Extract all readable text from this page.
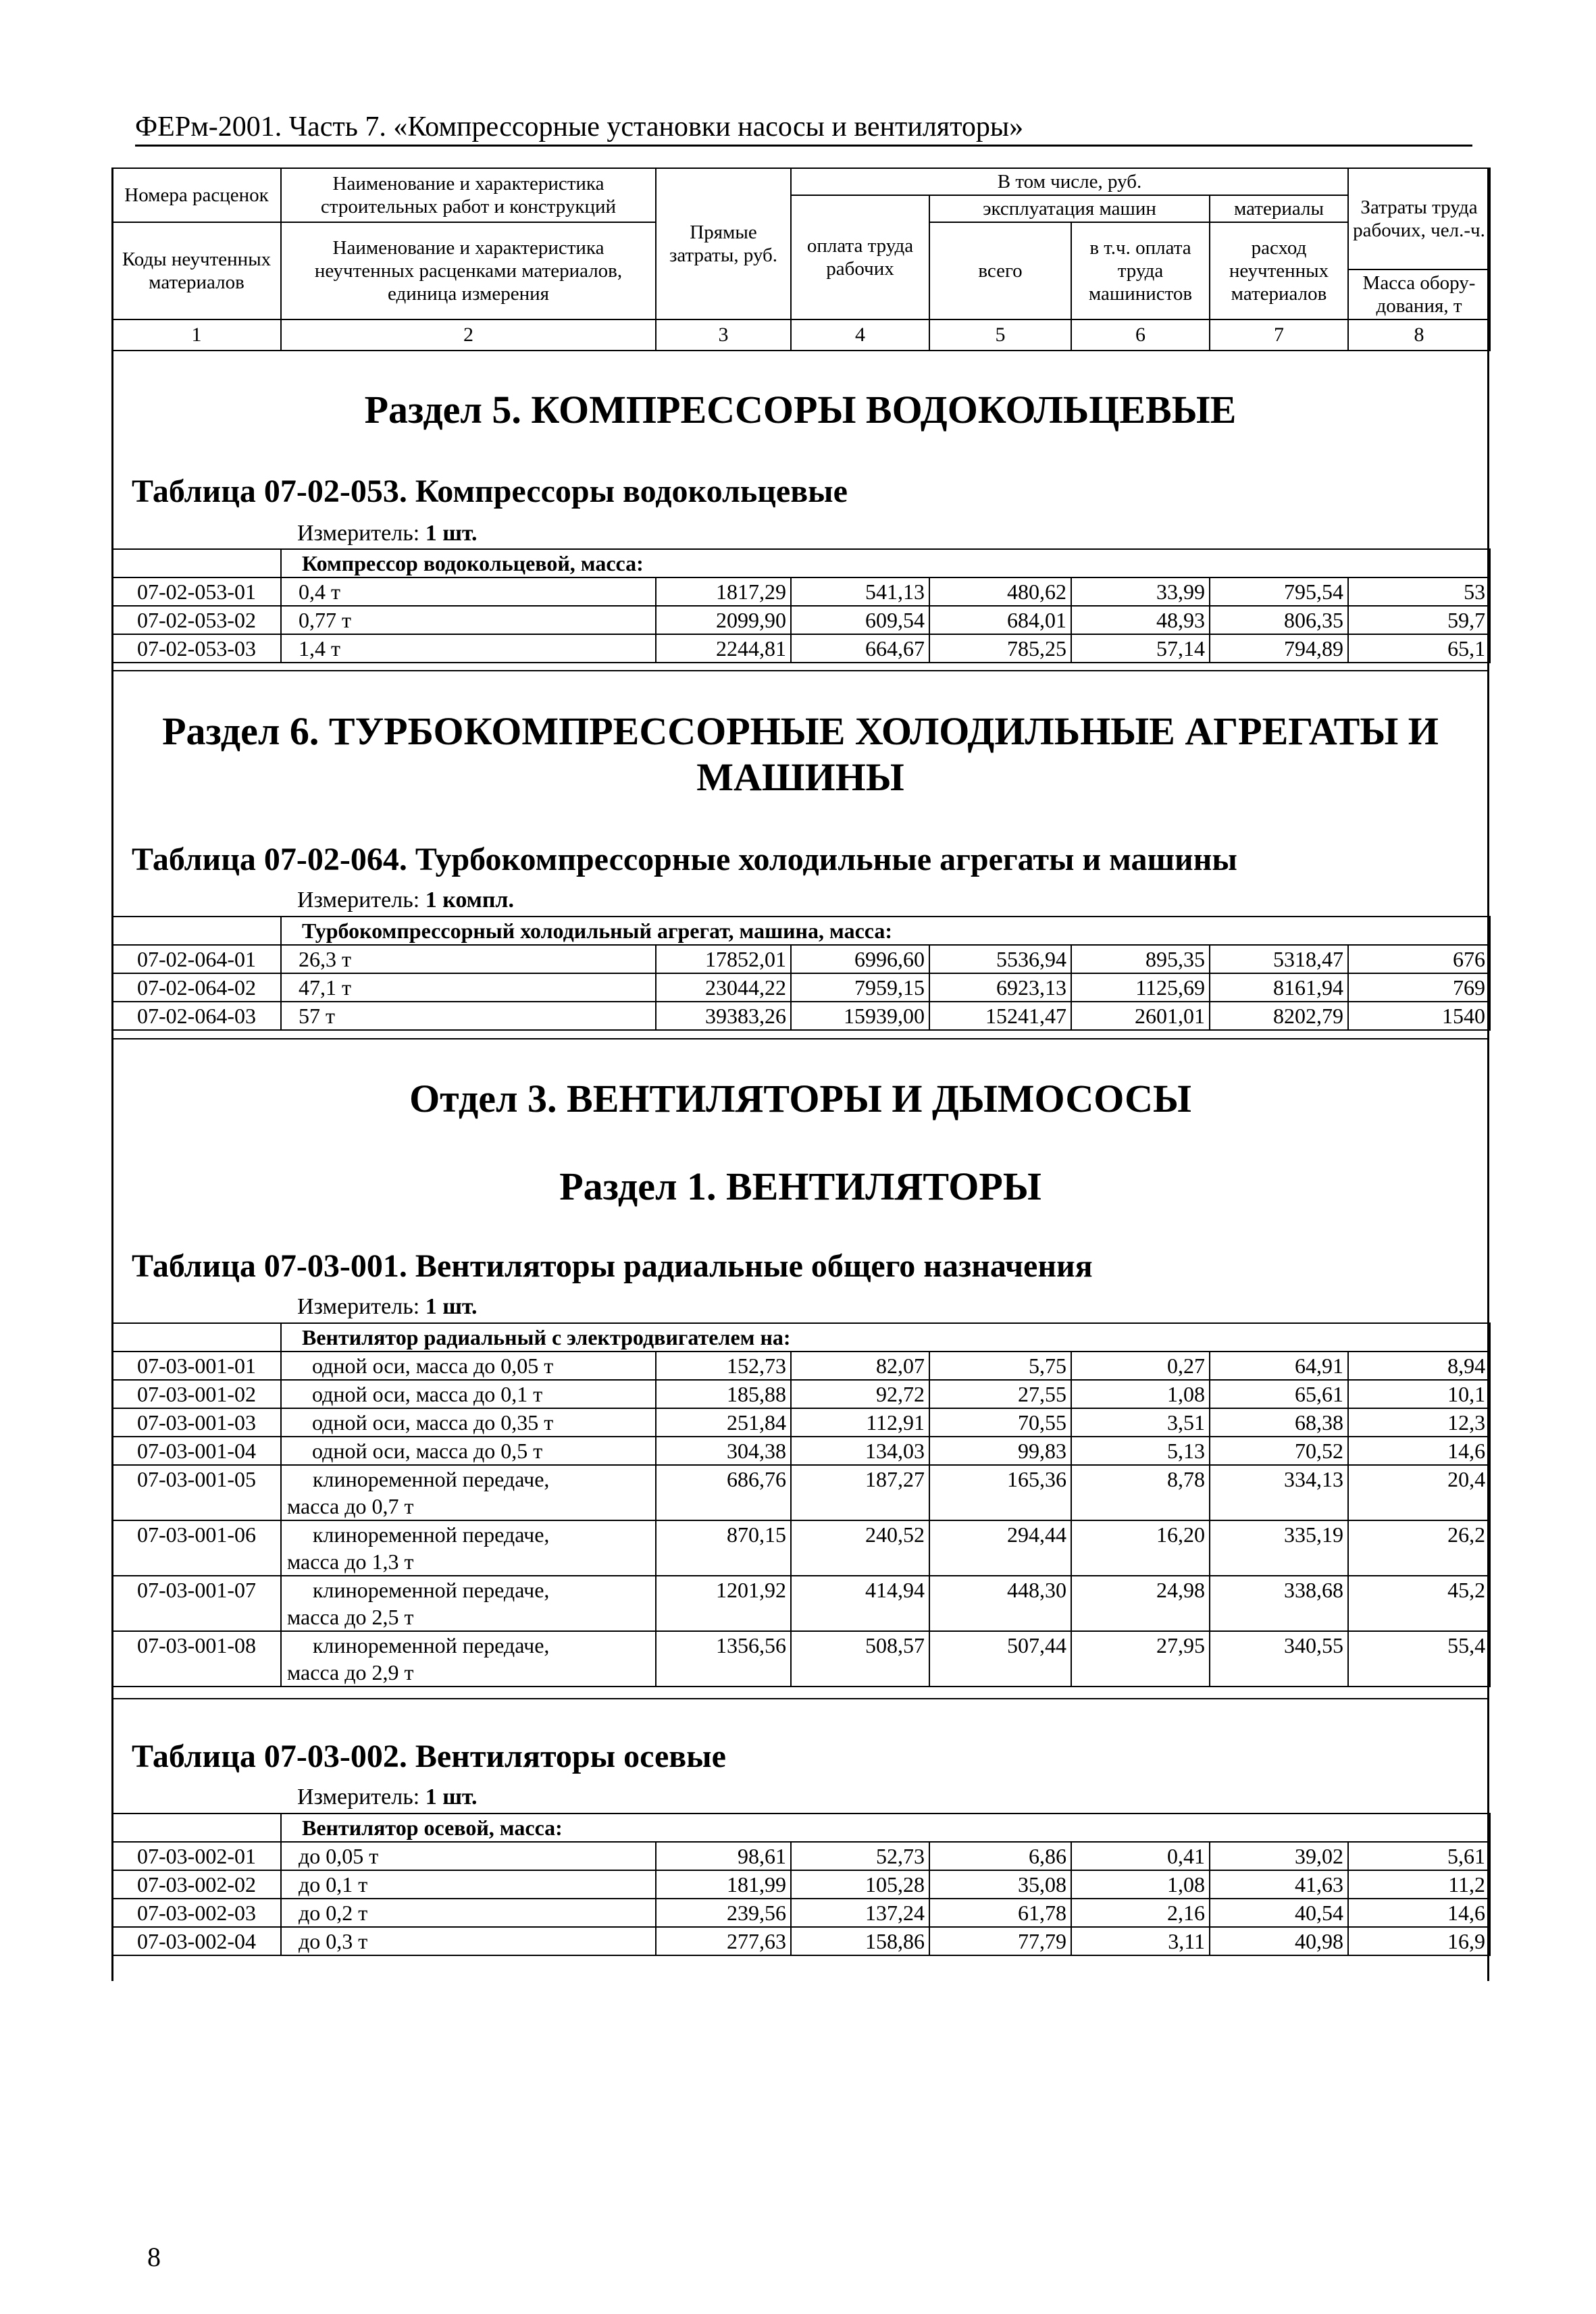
ФЕРм-2001. Часть 7. «Компрессорные установки насосы и вентиляторы»
Номера расценок	Наименование и характеристика строительных работ и конструкций	Прямые затраты, руб.	В том числе, руб.				Затраты труда рабочих, чел.-ч.
			оплата труда рабочих	эксплуатация машин		материалы	
Коды неучтенных материалов	Наименование и характеристика неучтенных расценками материалов, единица измерения			всего	в т.ч. оплата труда машинистов	расход неучтенных материалов	
							Масса обору-дования, т
1	2	3	4	5	6	7	8
Раздел 5. КОМПРЕССОРЫ ВОДОКОЛЬЦЕВЫЕ
Таблица 07-02-053. Компрессоры водокольцевые
Измеритель: 1 шт.
	Компрессор водокольцевой, масса:						
07-02-053-01	0,4 т	1817,29	541,13	480,62	33,99	795,54	53
07-02-053-02	0,77 т	2099,90	609,54	684,01	48,93	806,35	59,7
07-02-053-03	1,4 т	2244,81	664,67	785,25	57,14	794,89	65,1
Раздел 6. ТУРБОКОМПРЕССОРНЫЕ ХОЛОДИЛЬНЫЕ АГРЕГАТЫ И
МАШИНЫ
Таблица 07-02-064. Турбокомпрессорные холодильные агрегаты и машины
Измеритель: 1 компл.
	Турбокомпрессорный холодильный агрегат, машина, масса:						
07-02-064-01	26,3 т	17852,01	6996,60	5536,94	895,35	5318,47	676
07-02-064-02	47,1 т	23044,22	7959,15	6923,13	1125,69	8161,94	769
07-02-064-03	57 т	39383,26	15939,00	15241,47	2601,01	8202,79	1540
Отдел 3. ВЕНТИЛЯТОРЫ И ДЫМОСОСЫ
Раздел 1. ВЕНТИЛЯТОРЫ
Таблица 07-03-001. Вентиляторы радиальные общего назначения
Измеритель: 1 шт.
	Вентилятор радиальный с электродвигателем на:						
07-03-001-01	одной оси, масса до 0,05 т	152,73	82,07	5,75	0,27	64,91	8,94
07-03-001-02	одной оси, масса до 0,1 т	185,88	92,72	27,55	1,08	65,61	10,1
07-03-001-03	одной оси, масса до 0,35 т	251,84	112,91	70,55	3,51	68,38	12,3
07-03-001-04	одной оси, масса до 0,5 т	304,38	134,03	99,83	5,13	70,52	14,6
07-03-001-05	клиноременной передаче,
масса до 0,7 т	686,76	187,27	165,36	8,78	334,13	20,4
07-03-001-06	клиноременной передаче,
масса до 1,3 т	870,15	240,52	294,44	16,20	335,19	26,2
07-03-001-07	клиноременной передаче,
масса до 2,5 т	1201,92	414,94	448,30	24,98	338,68	45,2
07-03-001-08	клиноременной передаче,
масса до 2,9 т	1356,56	508,57	507,44	27,95	340,55	55,4
Таблица 07-03-002. Вентиляторы осевые
Измеритель: 1 шт.
	Вентилятор осевой, масса:						
07-03-002-01	до 0,05 т	98,61	52,73	6,86	0,41	39,02	5,61
07-03-002-02	до 0,1 т	181,99	105,28	35,08	1,08	41,63	11,2
07-03-002-03	до 0,2 т	239,56	137,24	61,78	2,16	40,54	14,6
07-03-002-04	до 0,3 т	277,63	158,86	77,79	3,11	40,98	16,9
8
